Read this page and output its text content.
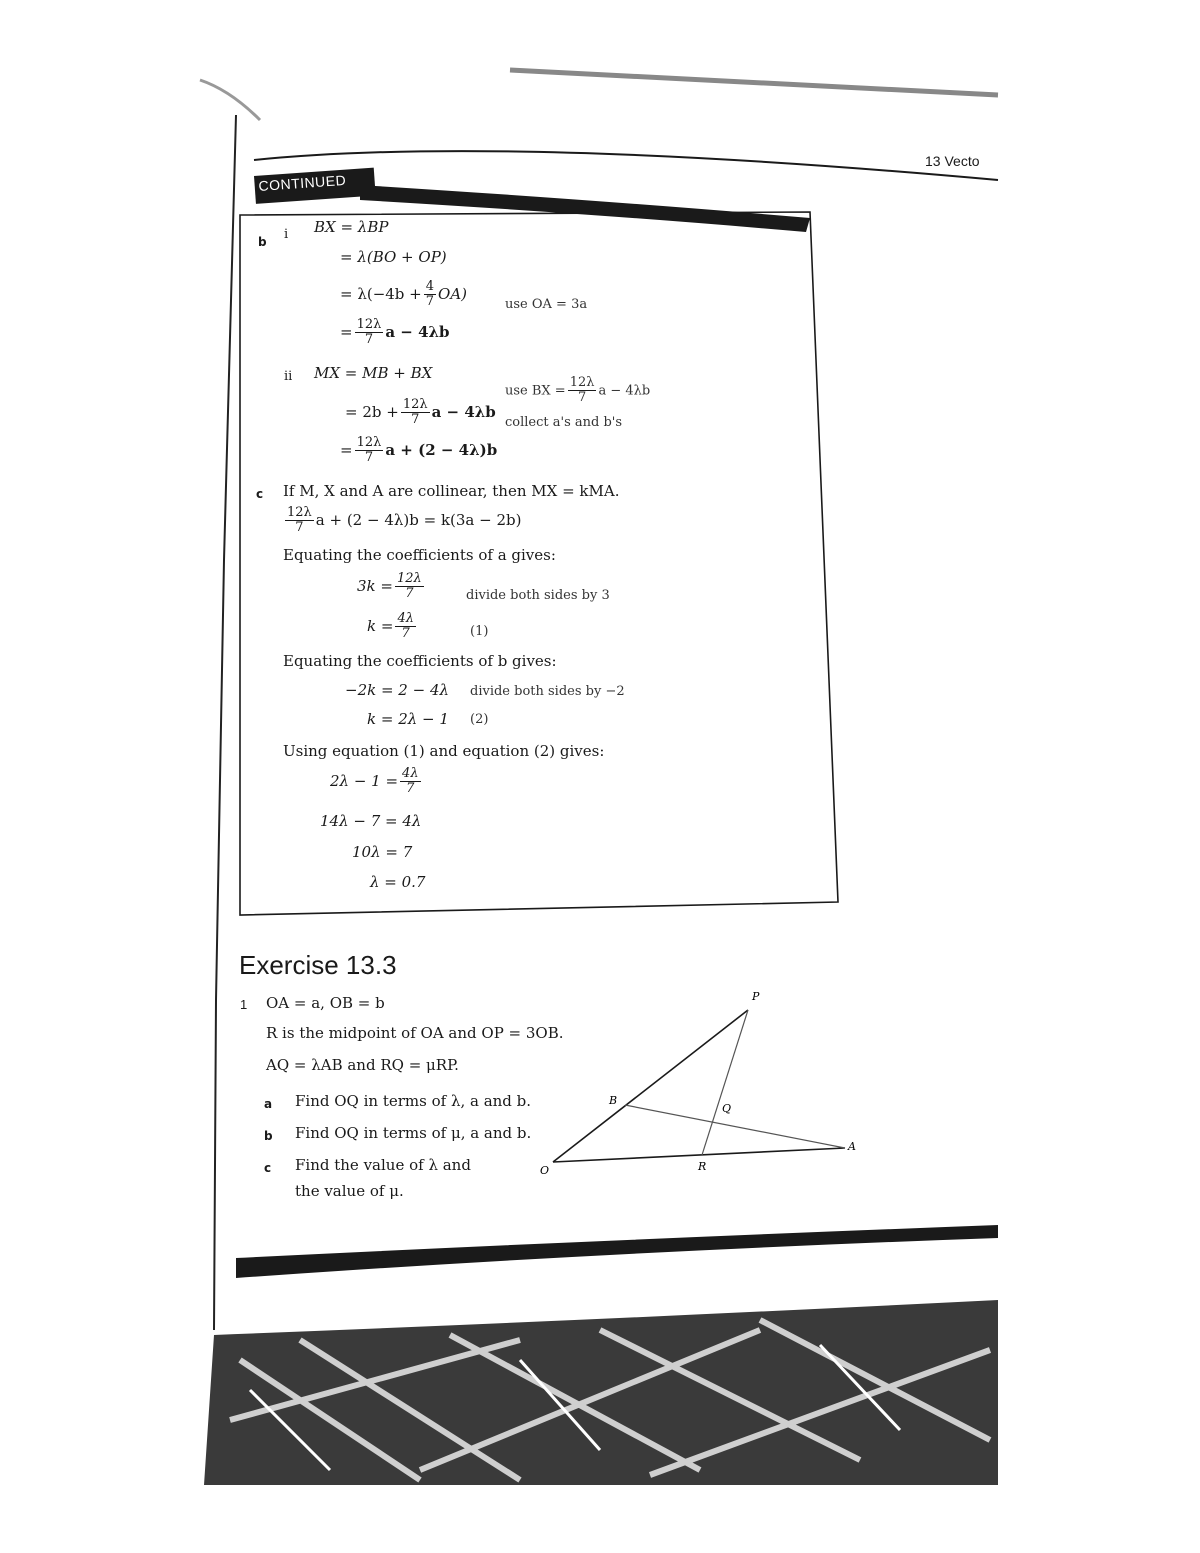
13 Vecto
CONTINUED
b i BX = λBP
= λ(BO + OP)
= $\lambda(-4b + \frac{4}{7} OA)$
use OA = 3a
= $\frac{12\lambda}{7}$ a − 4λb
ii MX = MB + BX
use BX = $\frac{12\lambda}{7}$ a − 4λb
= $2b + \frac{12\lambda}{7}$ a − 4λb
collect a's and b's
= $\frac{12\lambda}{7}$ a + (2 − 4λ)b
c If M, X and A are collinear, then MX = kMA.
$\frac{12\lambda}{7}$ a + (2 − 4λ)b = k(3a − 2b)
Equating the coefficients of a gives:
$3k = \frac{12\lambda}{7}$	divide both sides by 3
$k = \frac{4\lambda}{7}$	(1)
Equating the coefficients of b gives:
−2k = 2 − 4λ divide both sides by −2
k = 2λ − 1 (2)
Using equation (1) and equation (2) gives:
$2\lambda - 1 = \frac{4\lambda}{7}$
14λ − 7 = 4λ
10λ = 7
λ = 0.7
Exercise 13.3
1 OA = a, OB = b
R is the midpoint of OA and OP = 3OB.
AQ = λAB and RQ = μRP.
a Find OQ in terms of λ, a and b.
b Find OQ in terms of μ, a and b.
c Find the value of λ and
the value of μ.
P
B
Q
A
O	R
